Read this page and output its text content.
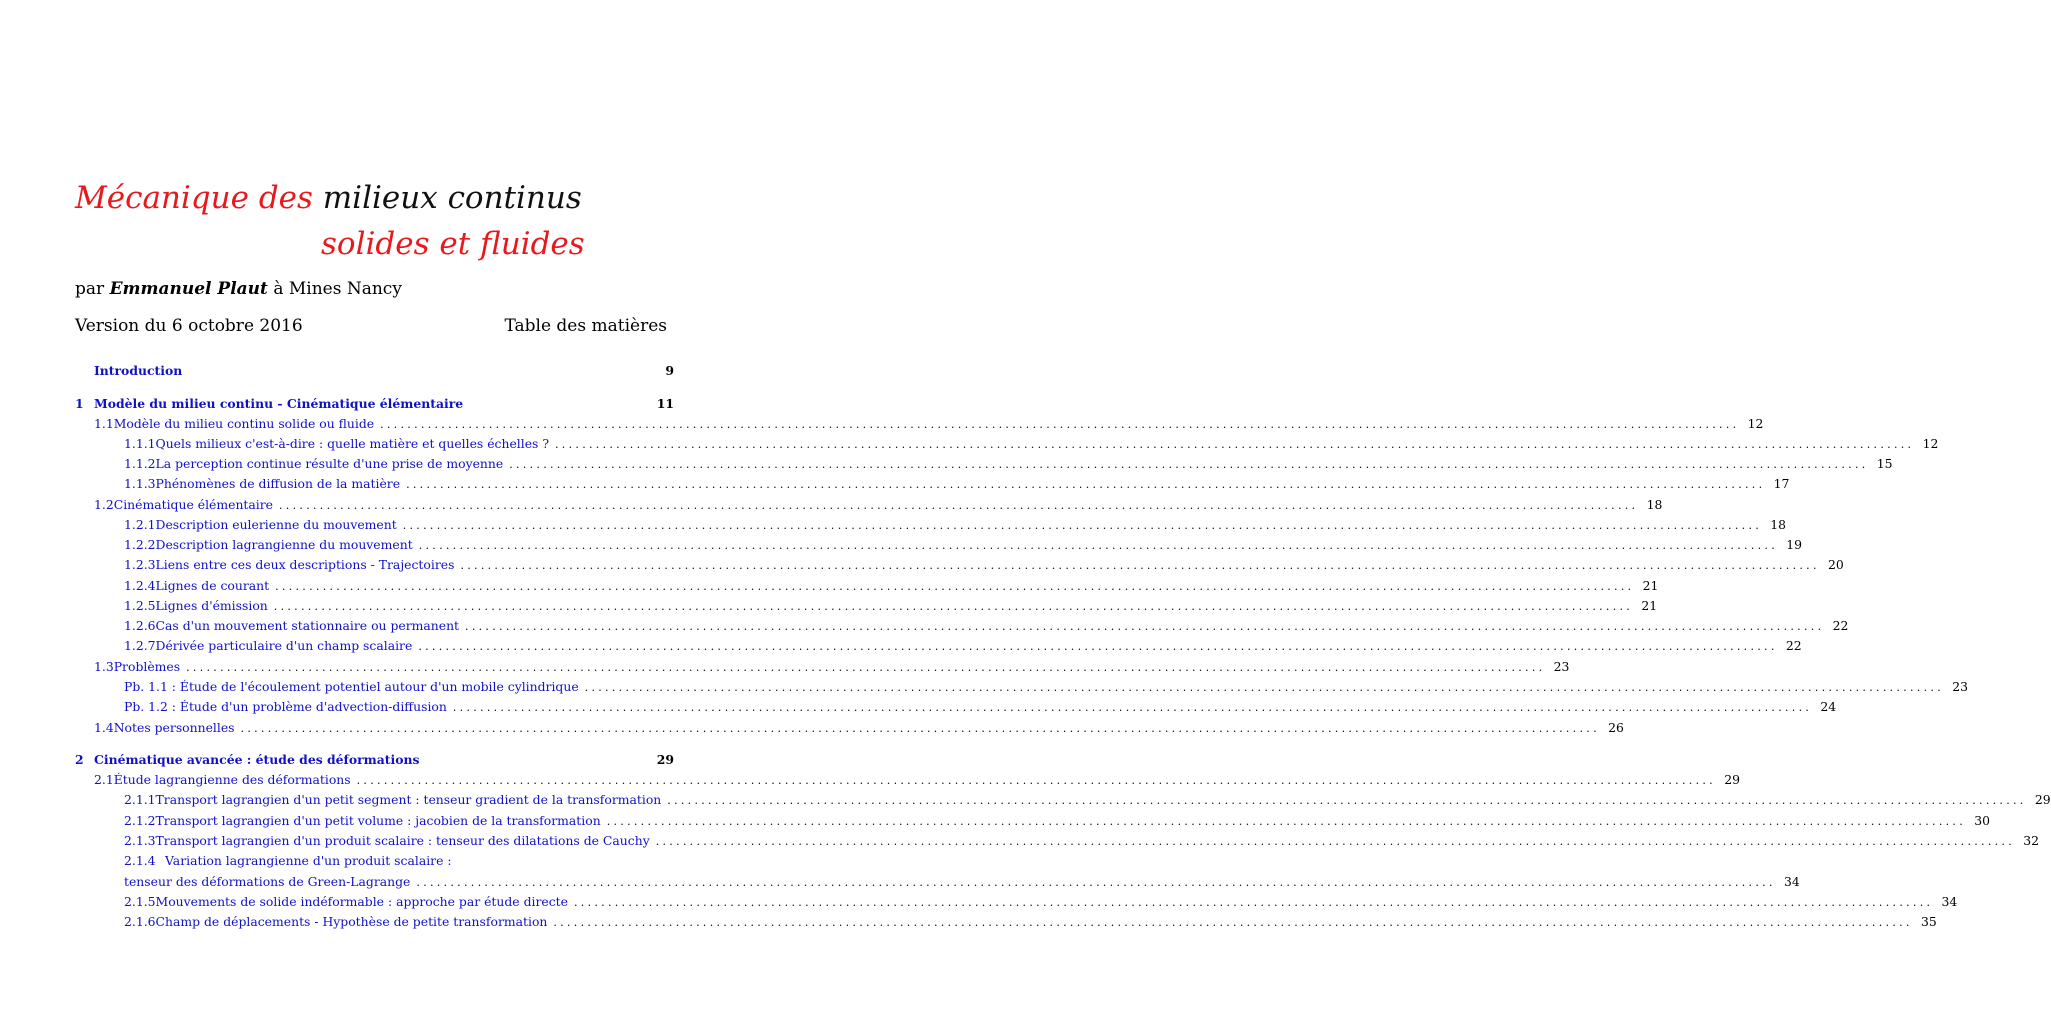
Mécanique des milieux continus
solides et fluides
par Emmanuel Plaut à Mines Nancy
Version du 6 octobre 2016	Table des matières
Introduction	9
1 Modèle du milieu continu - Cinématique élémentaire	11
1.1 Modèle du milieu continu solide ou fluide ........................................................................................................................................................................................................ 12
1.1.1 Quels milieux c'est-à-dire : quelle matière et quelles échelles ? ........................................................................................................................................................................................................ 12
1.1.2 La perception continue résulte d'une prise de moyenne ........................................................................................................................................................................................................ 15
1.1.3 Phénomènes de diffusion de la matière ........................................................................................................................................................................................................ 17
1.2 Cinématique élémentaire ........................................................................................................................................................................................................ 18
1.2.1 Description eulerienne du mouvement ........................................................................................................................................................................................................ 18
1.2.2 Description lagrangienne du mouvement ........................................................................................................................................................................................................ 19
1.2.3 Liens entre ces deux descriptions - Trajectoires ........................................................................................................................................................................................................ 20
1.2.4 Lignes de courant ........................................................................................................................................................................................................ 21
1.2.5 Lignes d'émission ........................................................................................................................................................................................................ 21
1.2.6 Cas d'un mouvement stationnaire ou permanent ........................................................................................................................................................................................................ 22
1.2.7 Dérivée particulaire d'un champ scalaire ........................................................................................................................................................................................................ 22
1.3 Problèmes ........................................................................................................................................................................................................ 23
Pb. 1.1 : Étude de l'écoulement potentiel autour d'un mobile cylindrique ........................................................................................................................................................................................................ 23
Pb. 1.2 : Étude d'un problème d'advection-diffusion ........................................................................................................................................................................................................ 24
1.4 Notes personnelles ........................................................................................................................................................................................................ 26
2 Cinématique avancée : étude des déformations	29
2.1 Étude lagrangienne des déformations ........................................................................................................................................................................................................ 29
2.1.1 Transport lagrangien d'un petit segment : tenseur gradient de la transformation ........................................................................................................................................................................................................ 29
2.1.2 Transport lagrangien d'un petit volume : jacobien de la transformation ........................................................................................................................................................................................................ 30
2.1.3 Transport lagrangien d'un produit scalaire : tenseur des dilatations de Cauchy ........................................................................................................................................................................................................ 32
2.1.4 Variation lagrangienne d'un produit scalaire :
tenseur des déformations de Green-Lagrange ........................................................................................................................................................................................................ 34
2.1.5 Mouvements de solide indéformable : approche par étude directe ........................................................................................................................................................................................................ 34
2.1.6 Champ de déplacements - Hypothèse de petite transformation ........................................................................................................................................................................................................ 35
